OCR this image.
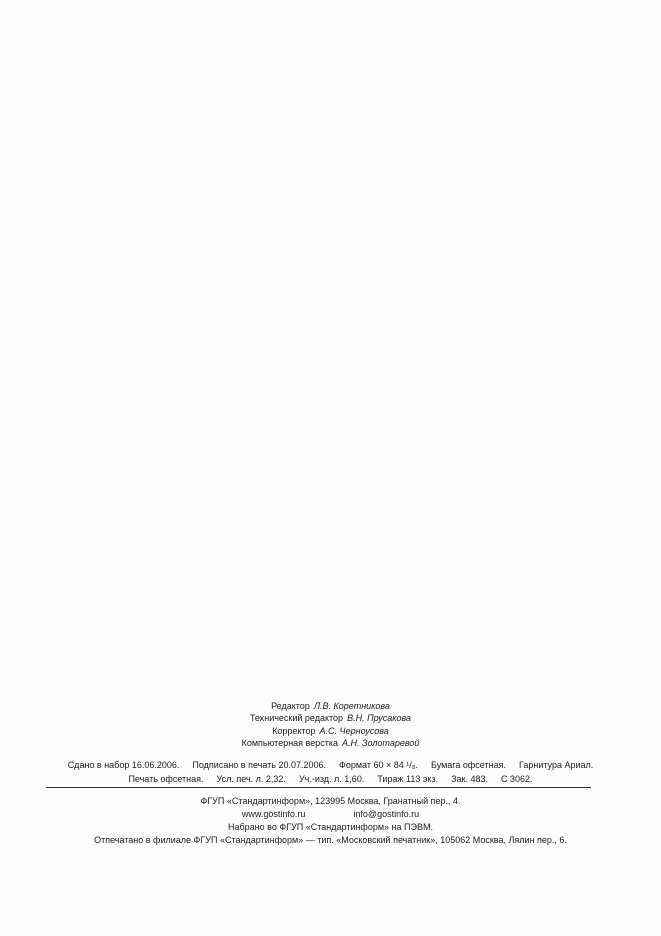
Редактор Л.В. Коретникова
Технический редактор В.Н. Прусакова
Корректор А.С. Черноусова
Компьютерная верстка А.Н. Золотаревой
Сдано в набор 16.06.2006. Подписано в печать 20.07.2006. Формат 60 × 84 ¹/₈. Бумага офсетная. Гарнитура Ариал.
Печать офсетная. Усл. печ. л. 2,32. Уч.-изд. л. 1,60. Тираж 113 экз. Зак. 483. С 3062.
ФГУП «Стандартинформ», 123995 Москва, Гранатный пер., 4.
www.gostinfo.ru	info@gostinfo.ru
Набрано во ФГУП «Стандартинформ» на ПЭВМ.
Отпечатано в филиале ФГУП «Стандартинформ» — тип. «Московский печатник», 105062 Москва, Лялин пер., 6.
